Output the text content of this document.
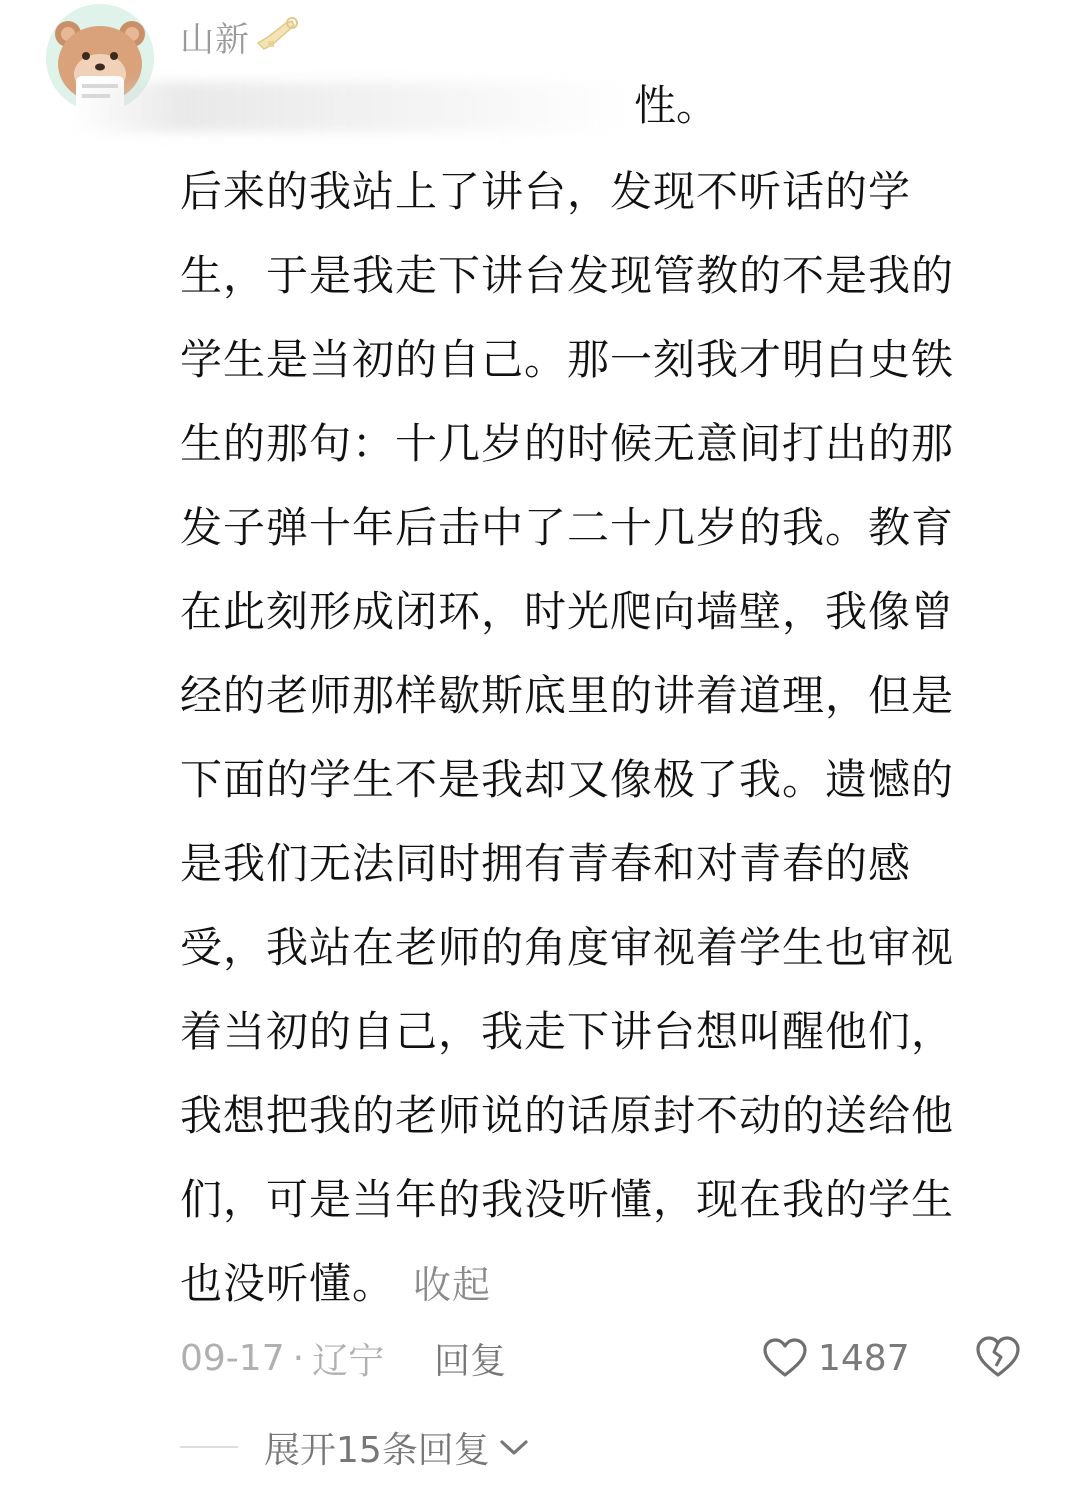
山新
性。
后来的我站上了讲台，发现不听话的学
生，于是我走下讲台发现管教的不是我的
学生是当初的自己。那一刻我才明白史铁
生的那句：十几岁的时候无意间打出的那
发子弹十年后击中了二十几岁的我。教育
在此刻形成闭环，时光爬向墙壁，我像曾
经的老师那样歇斯底里的讲着道理，但是
下面的学生不是我却又像极了我。遗憾的
是我们无法同时拥有青春和对青春的感
受，我站在老师的角度审视着学生也审视
着当初的自己，我走下讲台想叫醒他们，
我想把我的老师说的话原封不动的送给他
们，可是当年的我没听懂，现在我的学生
也没听懂。 收起
09-17 · 辽宁 回复	1487
展开15条回复
